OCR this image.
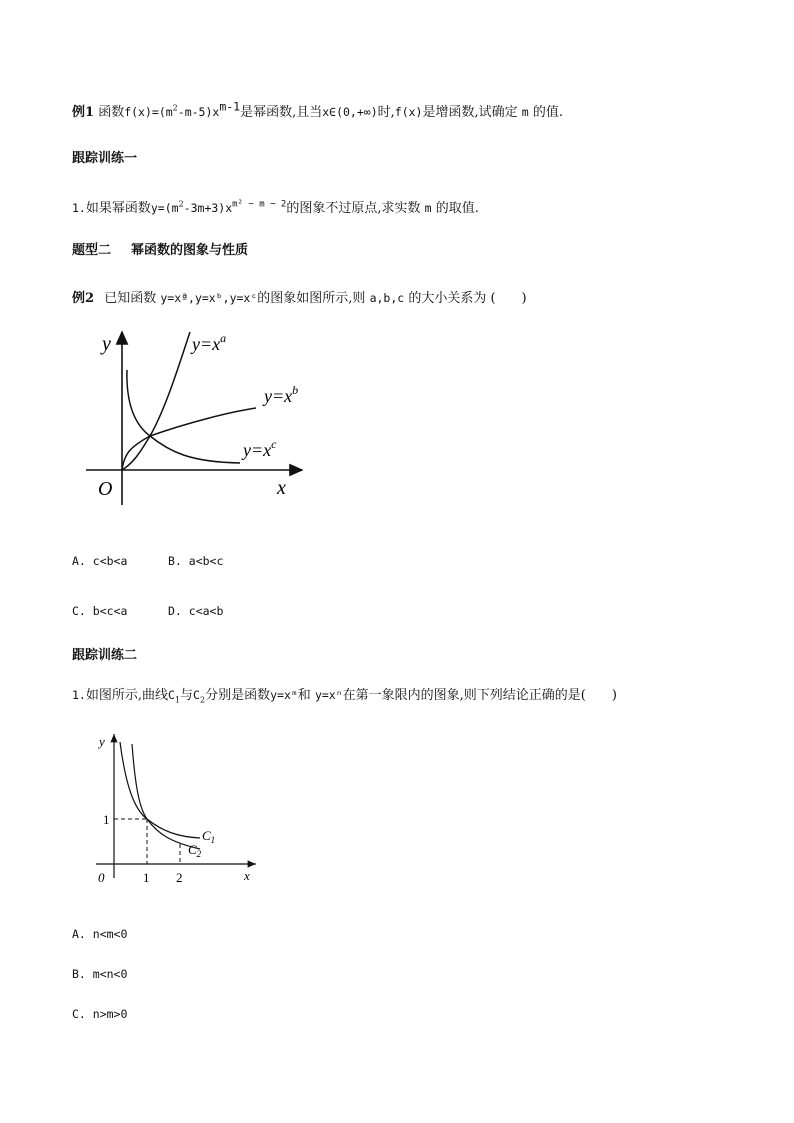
例1 函数$f(x)=(m^2-m-5)x^{m-1}$是幂函数,且当x∈(0,+∞)时,f(x)是增函数,试确定 m 的值.
跟踪训练一
1.如果幂函数$y=(m^2-3m+3)x^{m^2 - m - 2}$的图象不过原点,求实数 m 的取值.
题型二 幂函数的图象与性质
例2 已知函数 y=xª,y=xᵇ,y=xᶜ的图象如图所示,则 a,b,c 的大小关系为 (　　)
y
x
O
$y=x^a$
$y=x^b$
$y=x^c$
A. c<b<a	B. a<b<c
C. b<c<a	D. c<a<b
跟踪训练二
1.如图所示,曲线$C_1$与$C_2$分别是函数y=xᵐ和 y=xⁿ在第一象限内的图象,则下列结论正确的是(　　)
y
x
0
1
1 2
$C_1$
$C_2$
A. n<m<0
B. m<n<0
C. n>m>0
